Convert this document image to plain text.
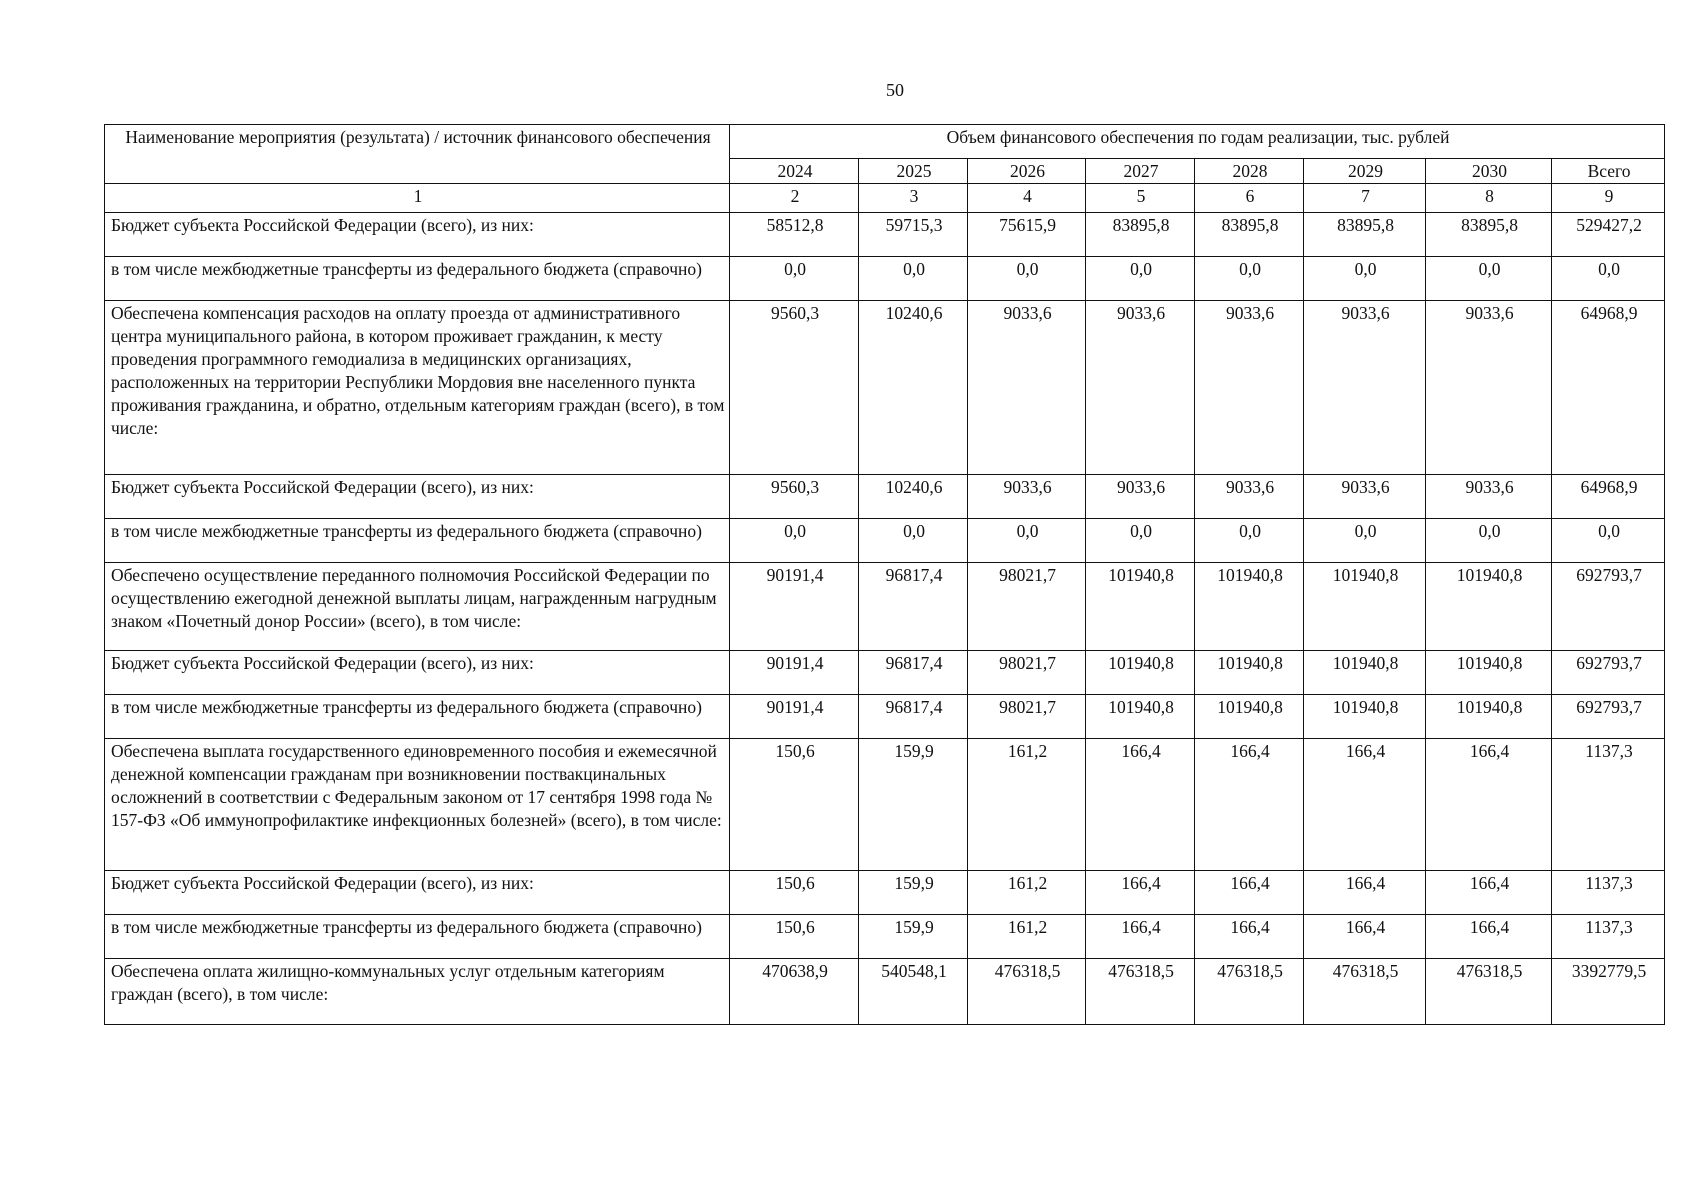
50
Наименование мероприятия (результата) / источник финансового обеспечения	Объем финансового обеспечения по годам реализации, тыс. рублей							
	2024	2025	2026	2027	2028	2029	2030	Всего
1	2	3	4	5	6	7	8	9
Бюджет субъекта Российской Федерации (всего), из них:	58512,8	59715,3	75615,9	83895,8	83895,8	83895,8	83895,8	529427,2
в том числе межбюджетные трансферты из федерального бюджета (справочно)	0,0	0,0	0,0	0,0	0,0	0,0	0,0	0,0
Обеспечена компенсация расходов на оплату проезда от административного центра муниципального района, в котором проживает гражданин, к месту проведения программного гемодиализа в медицинских организациях, расположенных на территории Республики Мордовия вне населенного пункта проживания гражданина, и обратно, отдельным категориям граждан (всего), в том числе:	9560,3	10240,6	9033,6	9033,6	9033,6	9033,6	9033,6	64968,9
Бюджет субъекта Российской Федерации (всего), из них:	9560,3	10240,6	9033,6	9033,6	9033,6	9033,6	9033,6	64968,9
в том числе межбюджетные трансферты из федерального бюджета (справочно)	0,0	0,0	0,0	0,0	0,0	0,0	0,0	0,0
Обеспечено осуществление переданного полномочия Российской Федерации по осуществлению ежегодной денежной выплаты лицам, награжденным нагрудным знаком «Почетный донор России» (всего), в том числе:	90191,4	96817,4	98021,7	101940,8	101940,8	101940,8	101940,8	692793,7
Бюджет субъекта Российской Федерации (всего), из них:	90191,4	96817,4	98021,7	101940,8	101940,8	101940,8	101940,8	692793,7
в том числе межбюджетные трансферты из федерального бюджета (справочно)	90191,4	96817,4	98021,7	101940,8	101940,8	101940,8	101940,8	692793,7
Обеспечена выплата государственного единовременного пособия и ежемесячной денежной компенсации гражданам при возникновении поствакцинальных осложнений в соответствии с Федеральным законом от 17 сентября 1998 года № 157-ФЗ «Об иммунопрофилактике инфекционных болезней» (всего), в том числе:	150,6	159,9	161,2	166,4	166,4	166,4	166,4	1137,3
Бюджет субъекта Российской Федерации (всего), из них:	150,6	159,9	161,2	166,4	166,4	166,4	166,4	1137,3
в том числе межбюджетные трансферты из федерального бюджета (справочно)	150,6	159,9	161,2	166,4	166,4	166,4	166,4	1137,3
Обеспечена оплата жилищно-коммунальных услуг отдельным категориям граждан (всего), в том числе:	470638,9	540548,1	476318,5	476318,5	476318,5	476318,5	476318,5	3392779,5
